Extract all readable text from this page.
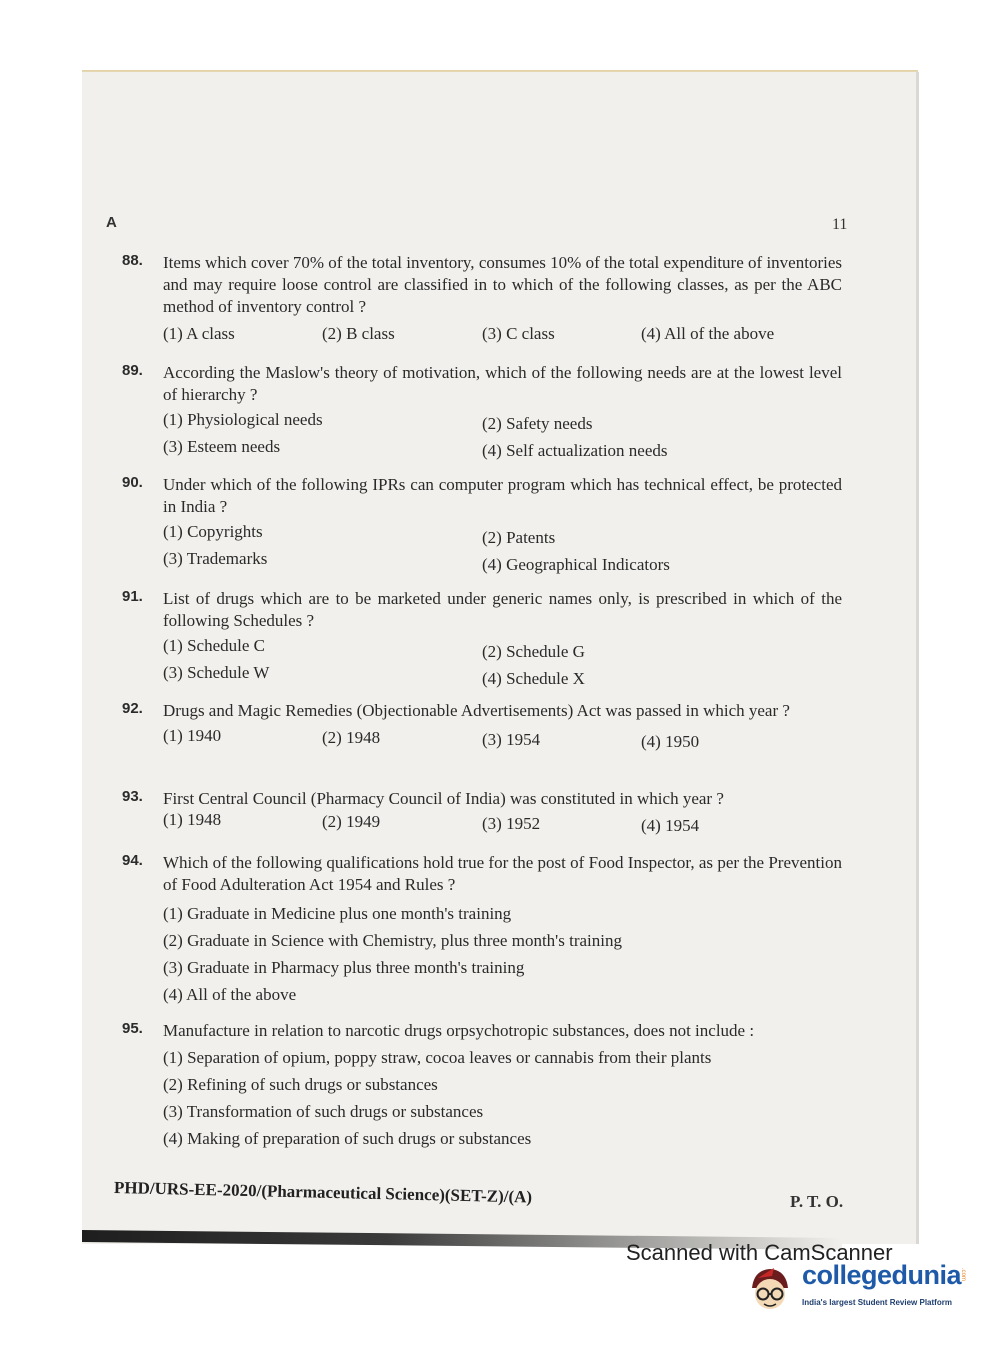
A	11
88. Items which cover 70% of the total inventory, consumes 10% of the total expenditure of inventories and may require loose control are classified in to which of the following classes, as per the ABC method of inventory control ?
(1) A class	(2) B class	(3) C class	(4) All of the above
89. According the Maslow's theory of motivation, which of the following needs are at the lowest level of hierarchy ?
(1) Physiological needs	(2) Safety needs
(3) Esteem needs	(4) Self actualization needs
90. Under which of the following IPRs can computer program which has technical effect, be protected in India ?
(1) Copyrights	(2) Patents
(3) Trademarks	(4) Geographical Indicators
91. List of drugs which are to be marketed under generic names only, is prescribed in which of the following Schedules ?
(1) Schedule C	(2) Schedule G
(3) Schedule W	(4) Schedule X
92. Drugs and Magic Remedies (Objectionable Advertisements) Act was passed in which year ?
(1) 1940	(2) 1948	(3) 1954	(4) 1950
93. First Central Council (Pharmacy Council of India) was constituted in which year ?
(1) 1948	(2) 1949	(3) 1952	(4) 1954
94. Which of the following qualifications hold true for the post of Food Inspector, as per the Prevention of Food Adulteration Act 1954 and Rules ?
(1) Graduate in Medicine plus one month's training
(2) Graduate in Science with Chemistry, plus three month's training
(3) Graduate in Pharmacy plus three month's training
(4) All of the above
95. Manufacture in relation to narcotic drugs orpsychotropic substances, does not include :
(1) Separation of opium, poppy straw, cocoa leaves or cannabis from their plants
(2) Refining of such drugs or substances
(3) Transformation of such drugs or substances
(4) Making of preparation of such drugs or substances
PHD/URS-EE-2020/(Pharmaceutical Science)(SET-Z)/(A)	P. T. O.
Scanned with CamScanner
collegedunia
.com
India's largest Student Review Platform
